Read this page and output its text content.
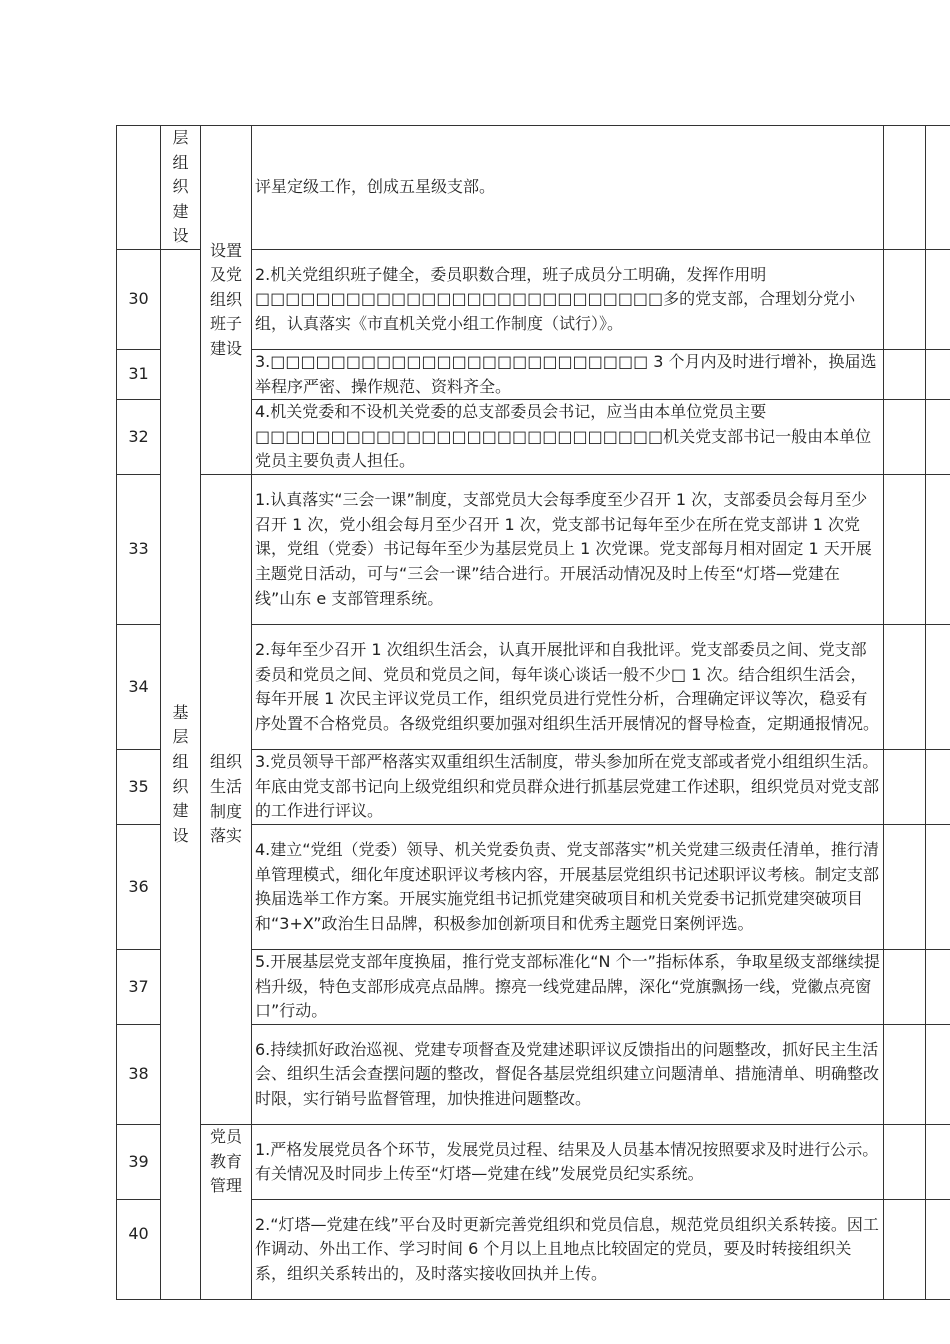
	层组织建设	设置及党组织班子建设	评星定级工作，创成五星级支部。		

30	基层组织建设		2.机关党组织班子健全，委员职数合理，班子成员分工明确，发挥作用明□□□□□□□□□□□□□□□□□□□□□□□□□□□多的党支部，合理划分党小组，认真落实《市直机关党小组工作制度（试行）》。		

31			3.□□□□□□□□□□□□□□□□□□□□□□□□□ 3 个月内及时进行增补，换届选举程序严密、操作规范、资料齐全。		

32			4.机关党委和不设机关党委的总支部委员会书记，应当由本单位党员主要□□□□□□□□□□□□□□□□□□□□□□□□□□□机关党支部书记一般由本单位党员主要负责人担任。		

33		组织生活制度落实	1.认真落实“三会一课”制度，支部党员大会每季度至少召开 1 次，支部委员会每月至少召开 1 次，党小组会每月至少召开 1 次，党支部书记每年至少在所在党支部讲 1 次党课，党组（党委）书记每年至少为基层党员上 1 次党课。党支部每月相对固定 1 天开展主题党日活动，可与“三会一课”结合进行。开展活动情况及时上传至“灯塔—党建在线”山东 e 支部管理系统。		

34			2.每年至少召开 1 次组织生活会，认真开展批评和自我批评。党支部委员之间、党支部委员和党员之间、党员和党员之间，每年谈心谈话一般不少□ 1 次。结合组织生活会，每年开展 1 次民主评议党员工作，组织党员进行党性分析，合理确定评议等次，稳妥有序处置不合格党员。各级党组织要加强对组织生活开展情况的督导检查，定期通报情况。		

35			3.党员领导干部严格落实双重组织生活制度，带头参加所在党支部或者党小组组织生活。年底由党支部书记向上级党组织和党员群众进行抓基层党建工作述职，组织党员对党支部的工作进行评议。		

36			4.建立“党组（党委）领导、机关党委负责、党支部落实”机关党建三级责任清单，推行清单管理模式，细化年度述职评议考核内容，开展基层党组织书记述职评议考核。制定支部换届选举工作方案。开展实施党组书记抓党建突破项目和机关党委书记抓党建突破项目和“3+X”政治生日品牌，积极参加创新项目和优秀主题党日案例评选。		

37			5.开展基层党支部年度换届，推行党支部标准化“N 个一”指标体系，争取星级支部继续提档升级，特色支部形成亮点品牌。擦亮一线党建品牌，深化“党旗飘扬一线，党徽点亮窗口”行动。		

38			6.持续抓好政治巡视、党建专项督查及党建述职评议反馈指出的问题整改，抓好民主生活会、组织生活会查摆问题的整改，督促各基层党组织建立问题清单、措施清单、明确整改时限，实行销号监督管理，加快推进问题整改。		

39		党员教育管理	1.严格发展党员各个环节，发展党员过程、结果及人员基本情况按照要求及时进行公示。有关情况及时同步上传至“灯塔—党建在线”发展党员纪实系统。		

40			2.“灯塔—党建在线”平台及时更新完善党组织和党员信息，规范党员组织关系转接。因工作调动、外出工作、学习时间 6 个月以上且地点比较固定的党员，要及时转接组织关系，组织关系转出的，及时落实接收回执并上传。		
